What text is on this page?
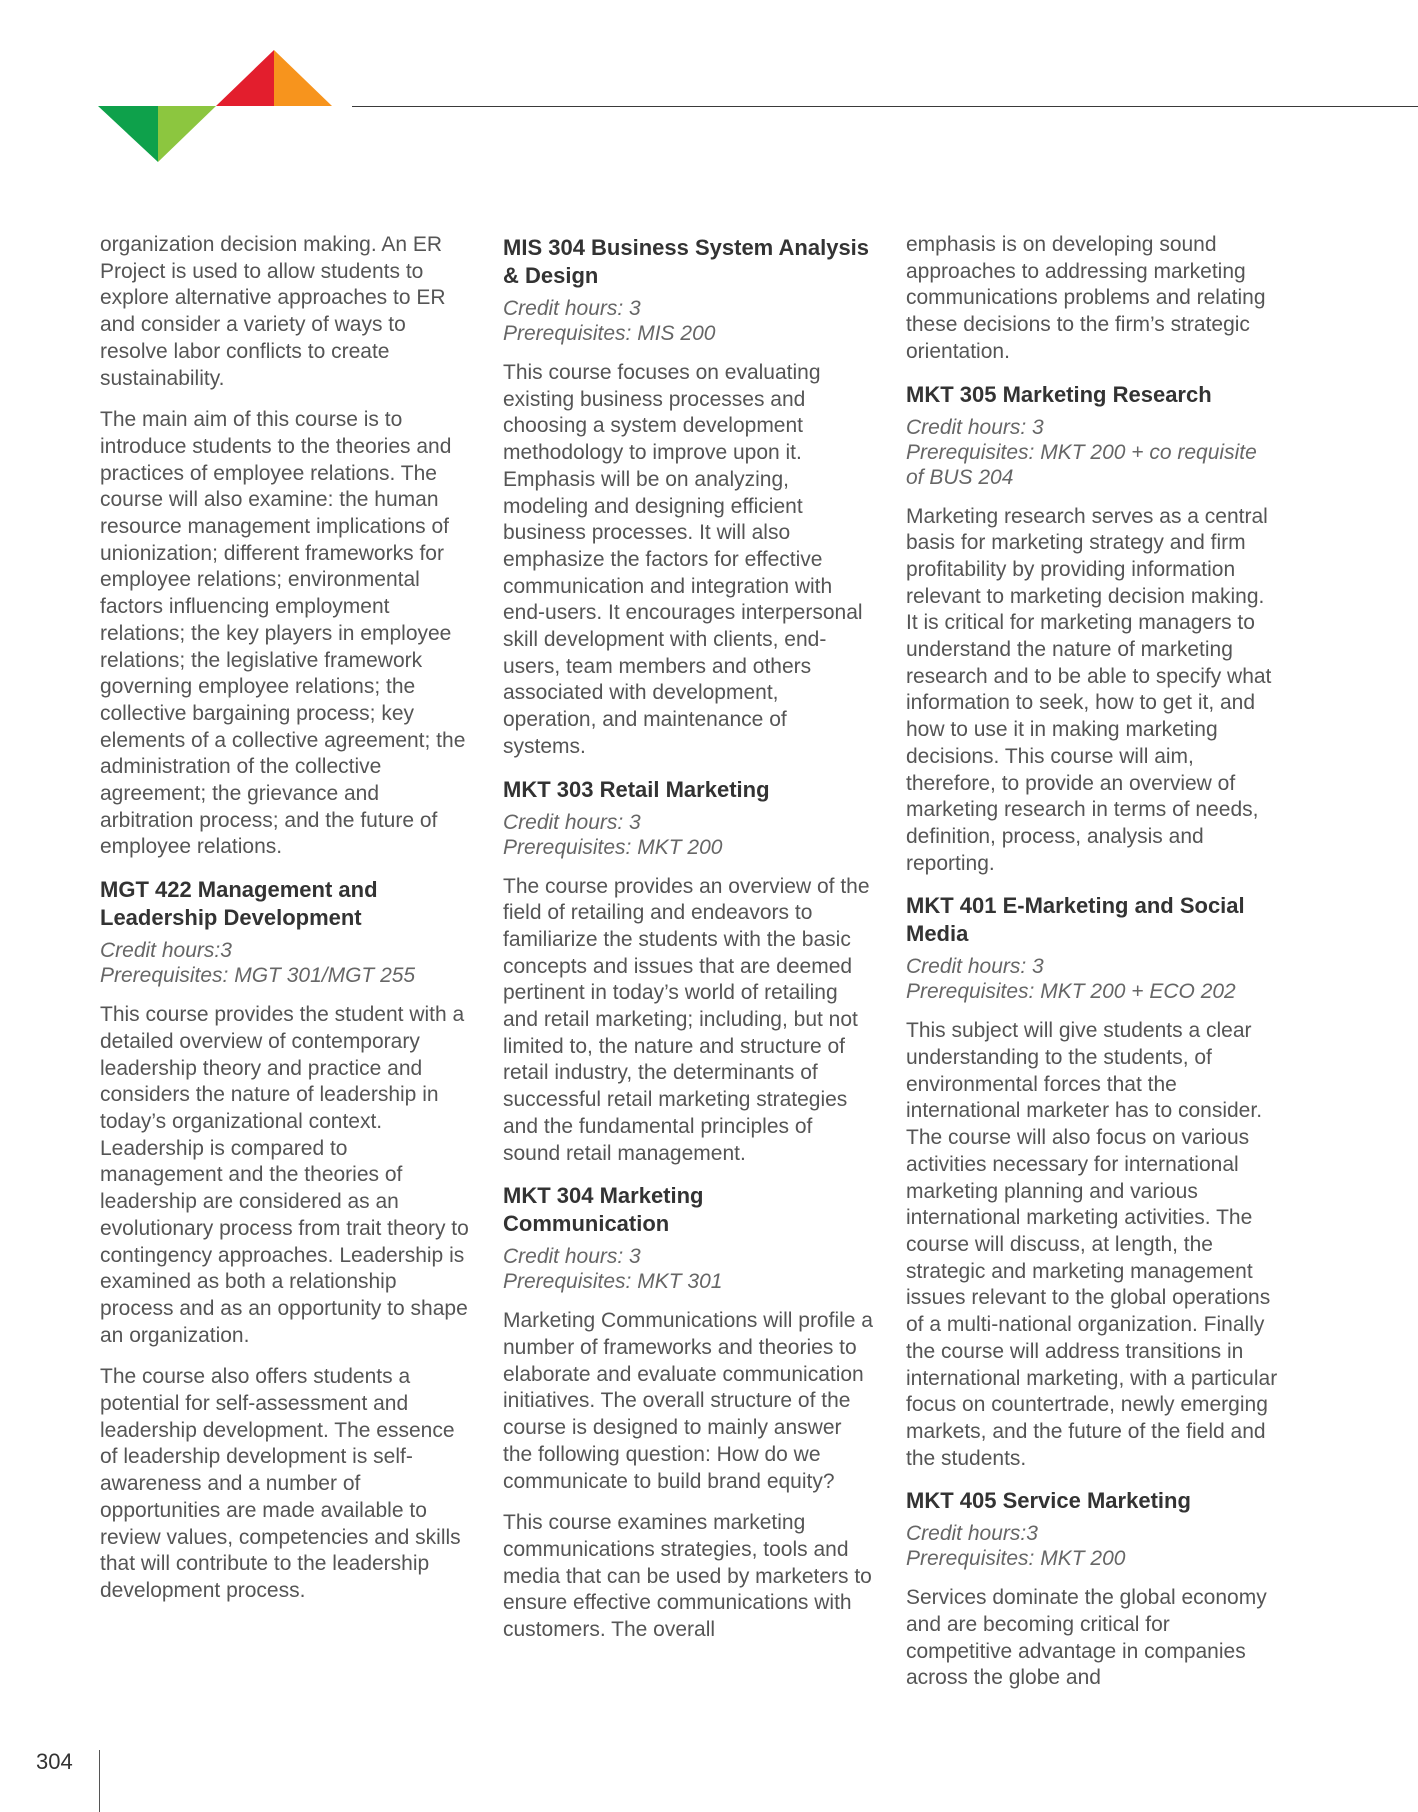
organization decision making. An ER Project is used to allow students to explore alternative approaches to ER and consider a variety of ways to resolve labor conflicts to create sustainability.

The main aim of this course is to introduce students to the theories and practices of employee relations. The course will also examine: the human resource management implications of unionization; different frameworks for employee relations; environmental factors influencing employment relations; the key players in employee relations; the legislative framework governing employee relations; the collective bargaining process; key elements of a collective agreement; the administration of the collective agreement; the grievance and arbitration process; and the future of employee relations.

MGT 422 Management and Leadership Development
Credit hours:3
Prerequisites: MGT 301/MGT 255

This course provides the student with a detailed overview of contemporary leadership theory and practice and considers the nature of leadership in today’s organizational context. Leadership is compared to management and the theories of leadership are considered as an evolutionary process from trait theory to contingency approaches. Leadership is examined as both a relationship process and as an opportunity to shape an organization.

The course also offers students a potential for self-assessment and leadership development. The essence of leadership development is self-awareness and a number of opportunities are made available to review values, competencies and skills that will contribute to the leadership development process.

MIS 304 Business System Analysis & Design
Credit hours: 3
Prerequisites: MIS 200

This course focuses on evaluating existing business processes and choosing a system development methodology to improve upon it. Emphasis will be on analyzing, modeling and designing efficient business processes. It will also emphasize the factors for effective communication and integration with end-users. It encourages interpersonal skill development with clients, end-users, team members and others associated with development, operation, and maintenance of systems.

MKT 303 Retail Marketing
Credit hours: 3
Prerequisites: MKT 200

The course provides an overview of the field of retailing and endeavors to familiarize the students with the basic concepts and issues that are deemed pertinent in today’s world of retailing and retail marketing; including, but not limited to, the nature and structure of retail industry, the determinants of successful retail marketing strategies and the fundamental principles of sound retail management.

MKT 304 Marketing Communication
Credit hours: 3
Prerequisites: MKT 301

Marketing Communications will profile a number of frameworks and theories to elaborate and evaluate communication initiatives. The overall structure of the course is designed to mainly answer the following question: How do we communicate to build brand equity?

This course examines marketing communications strategies, tools and media that can be used by marketers to ensure effective communications with customers. The overall

emphasis is on developing sound approaches to addressing marketing communications problems and relating these decisions to the firm’s strategic orientation.

MKT 305 Marketing Research
Credit hours: 3
Prerequisites: MKT 200 + co requisite of BUS 204

Marketing research serves as a central basis for marketing strategy and firm profitability by providing information relevant to marketing decision making. It is critical for marketing managers to understand the nature of marketing research and to be able to specify what information to seek, how to get it, and how to use it in making marketing decisions. This course will aim, therefore, to provide an overview of marketing research in terms of needs, definition, process, analysis and reporting.

MKT 401 E-Marketing and Social Media
Credit hours: 3
Prerequisites: MKT 200 + ECO 202

This subject will give students a clear understanding to the students, of environmental forces that the international marketer has to consider. The course will also focus on various activities necessary for international marketing planning and various international marketing activities. The course will discuss, at length, the strategic and marketing management issues relevant to the global operations of a multi-national organization. Finally the course will address transitions in international marketing, with a particular focus on countertrade, newly emerging markets, and the future of the field and the students.

MKT 405 Service Marketing
Credit hours:3
Prerequisites: MKT 200

Services dominate the global economy and are becoming critical for competitive advantage in companies across the globe and

304
